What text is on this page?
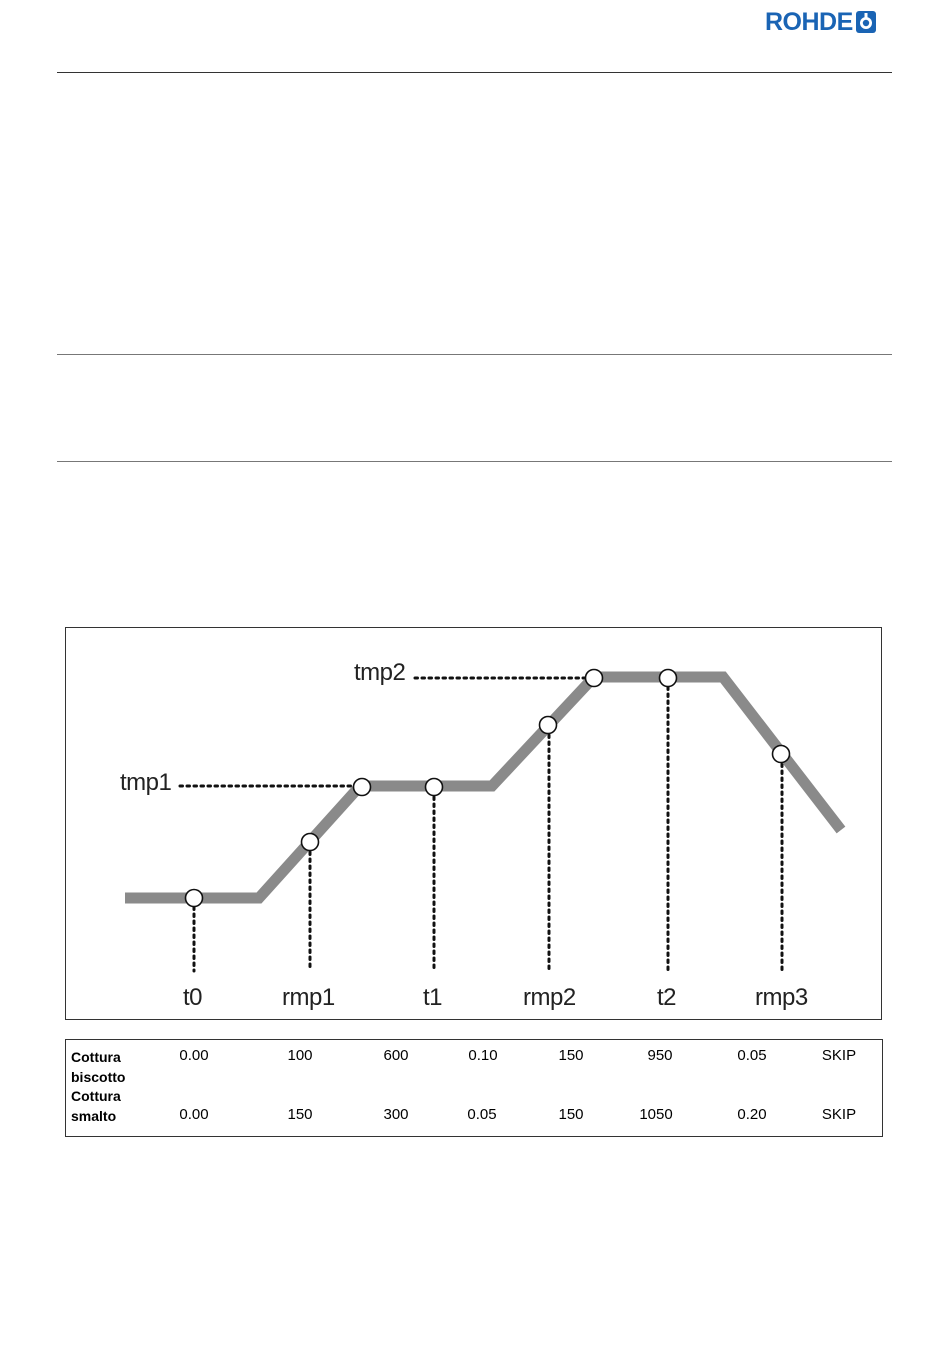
ROHDE
tmp1
tmp2
t0	rmp1	t1	rmp2	t2	rmp3
Cottura
biscotto
0.00	100	600	0.10	150	950	0.05	SKIP
Cottura
smalto	0.00	150	300	0.05	150	1050	0.20	SKIP
